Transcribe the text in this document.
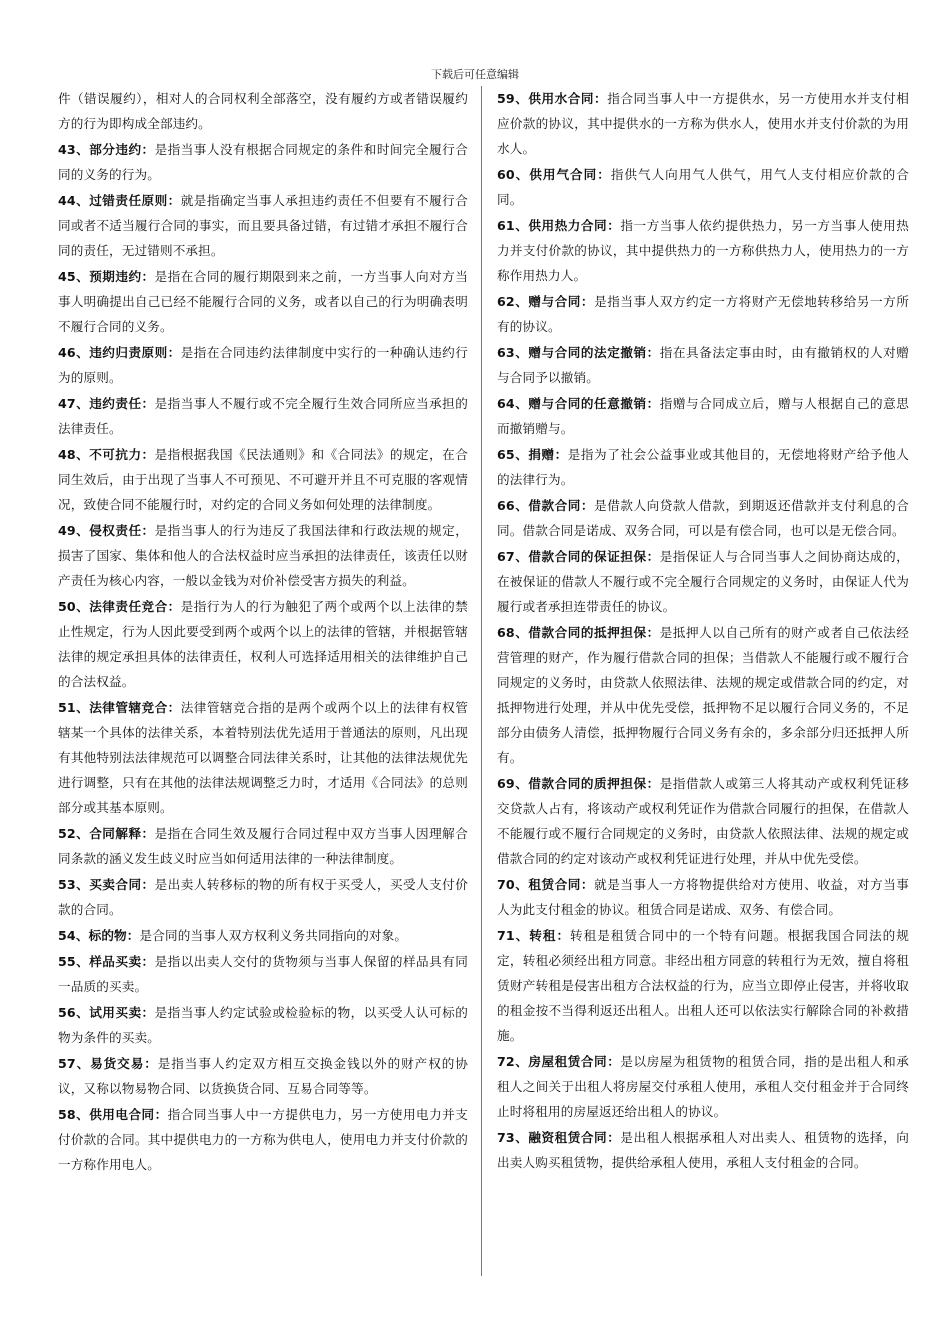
下载后可任意编辑
件（错误履约），相对人的合同权利全部落空，没有履约方或者错误履约方的行为即构成全部违约。
43、部分违约：是指当事人没有根据合同规定的条件和时间完全履行合同的义务的行为。
44、过错责任原则：就是指确定当事人承担违约责任不但要有不履行合同或者不适当履行合同的事实，而且要具备过错，有过错才承担不履行合同的责任，无过错则不承担。
45、预期违约：是指在合同的履行期限到来之前，一方当事人向对方当事人明确提出自己已经不能履行合同的义务，或者以自己的行为明确表明不履行合同的义务。
46、违约归责原则：是指在合同违约法律制度中实行的一种确认违约行为的原则。
47、违约责任：是指当事人不履行或不完全履行生效合同所应当承担的法律责任。
48、不可抗力：是指根据我国《民法通则》和《合同法》的规定，在合同生效后，由于出现了当事人不可预见、不可避开并且不可克服的客观情况，致使合同不能履行时，对约定的合同义务如何处理的法律制度。
49、侵权责任：是指当事人的行为违反了我国法律和行政法规的规定，损害了国家、集体和他人的合法权益时应当承担的法律责任，该责任以财产责任为核心内容，一般以金钱为对价补偿受害方损失的利益。
50、法律责任竞合：是指行为人的行为触犯了两个或两个以上法律的禁止性规定，行为人因此要受到两个或两个以上的法律的管辖，并根据管辖法律的规定承担具体的法律责任，权利人可选择适用相关的法律维护自己的合法权益。
51、法律管辖竞合：法律管辖竞合指的是两个或两个以上的法律有权管辖某一个具体的法律关系，本着特别法优先适用于普通法的原则，凡出现有其他特别法法律规范可以调整合同法律关系时，让其他的法律法规优先进行调整，只有在其他的法律法规调整乏力时，才适用《合同法》的总则部分或其基本原则。
52、合同解释：是指在合同生效及履行合同过程中双方当事人因理解合同条款的涵义发生歧义时应当如何适用法律的一种法律制度。
53、买卖合同：是出卖人转移标的物的所有权于买受人，买受人支付价款的合同。
54、标的物：是合同的当事人双方权利义务共同指向的对象。
55、样品买卖：是指以出卖人交付的货物须与当事人保留的样品具有同一品质的买卖。
56、试用买卖：是指当事人约定试验或检验标的物，以买受人认可标的物为条件的买卖。
57、易货交易：是指当事人约定双方相互交换金钱以外的财产权的协议，又称以物易物合同、以货换货合同、互易合同等等。
58、供用电合同：指合同当事人中一方提供电力，另一方使用电力并支付价款的合同。其中提供电力的一方称为供电人，使用电力并支付价款的一方称作用电人。
59、供用水合同：指合同当事人中一方提供水，另一方使用水并支付相应价款的协议，其中提供水的一方称为供水人，使用水并支付价款的为用水人。
60、供用气合同：指供气人向用气人供气，用气人支付相应价款的合同。
61、供用热力合同：指一方当事人依约提供热力，另一方当事人使用热力并支付价款的协议，其中提供热力的一方称供热力人，使用热力的一方称作用热力人。
62、赠与合同：是指当事人双方约定一方将财产无偿地转移给另一方所有的协议。
63、赠与合同的法定撤销：指在具备法定事由时，由有撤销权的人对赠与合同予以撤销。
64、赠与合同的任意撤销：指赠与合同成立后，赠与人根据自己的意思而撤销赠与。
65、捐赠：是指为了社会公益事业或其他目的，无偿地将财产给予他人的法律行为。
66、借款合同：是借款人向贷款人借款，到期返还借款并支付利息的合同。借款合同是诺成、双务合同，可以是有偿合同，也可以是无偿合同。
67、借款合同的保证担保：是指保证人与合同当事人之间协商达成的，在被保证的借款人不履行或不完全履行合同规定的义务时，由保证人代为履行或者承担连带责任的协议。
68、借款合同的抵押担保：是抵押人以自己所有的财产或者自己依法经营管理的财产，作为履行借款合同的担保；当借款人不能履行或不履行合同规定的义务时，由贷款人依照法律、法规的规定或借款合同的约定，对抵押物进行处理，并从中优先受偿，抵押物不足以履行合同义务的，不足部分由债务人清偿，抵押物履行合同义务有余的，多余部分归还抵押人所有。
69、借款合同的质押担保：是指借款人或第三人将其动产或权利凭证移交贷款人占有，将该动产或权利凭证作为借款合同履行的担保，在借款人不能履行或不履行合同规定的义务时，由贷款人依照法律、法规的规定或借款合同的约定对该动产或权利凭证进行处理，并从中优先受偿。
70、租赁合同：就是当事人一方将物提供给对方使用、收益，对方当事人为此支付租金的协议。租赁合同是诺成、双务、有偿合同。
71、转租：转租是租赁合同中的一个特有问题。根据我国合同法的规定，转租必须经出租方同意。非经出租方同意的转租行为无效，擅自将租赁财产转租是侵害出租方合法权益的行为，应当立即停止侵害，并将收取的租金按不当得利返还出租人。出租人还可以依法实行解除合同的补救措施。
72、房屋租赁合同：是以房屋为租赁物的租赁合同，指的是出租人和承租人之间关于出租人将房屋交付承租人使用，承租人交付租金并于合同终止时将租用的房屋返还给出租人的协议。
73、融资租赁合同：是出租人根据承租人对出卖人、租赁物的选择，向出卖人购买租赁物，提供给承租人使用，承租人支付租金的合同。
